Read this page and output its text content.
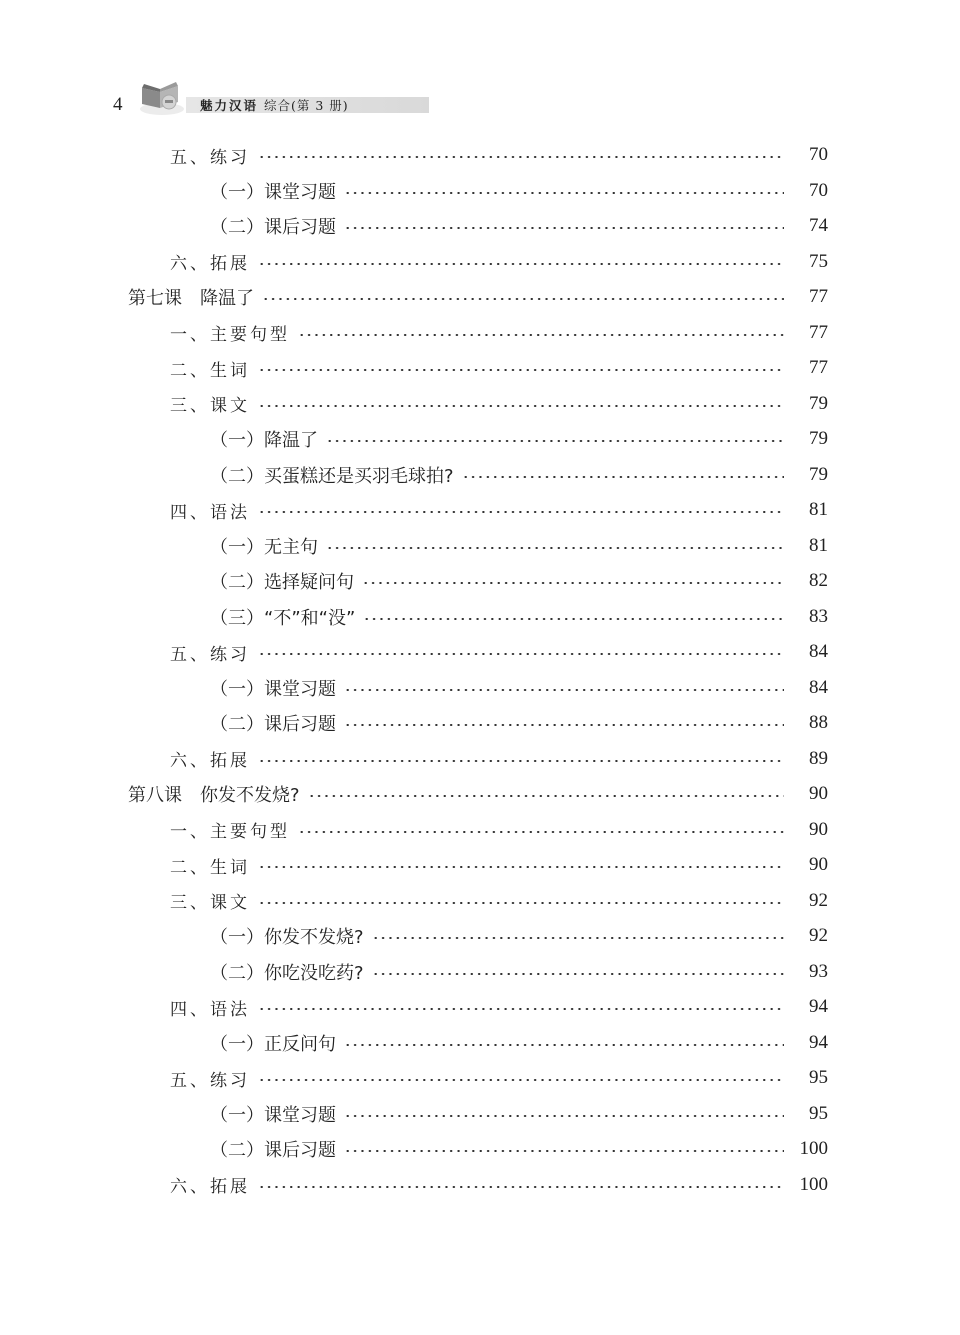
4	魅力汉语 综合(第 3 册)
五、练习	70
（一）课堂习题	70
（二）课后习题	74
六、拓展	75
第七课 降温了	77
一、主要句型	77
二、生词	77
三、课文	79
（一）降温了	79
（二）买蛋糕还是买羽毛球拍?	79
四、语法	81
（一）无主句	81
（二）选择疑问句	82
（三）“不”和“没”	83
五、练习	84
（一）课堂习题	84
（二）课后习题	88
六、拓展	89
第八课 你发不发烧?	90
一、主要句型	90
二、生词	90
三、课文	92
（一）你发不发烧?	92
（二）你吃没吃药?	93
四、语法	94
（一）正反问句	94
五、练习	95
（一）课堂习题	95
（二）课后习题	100
六、拓展	100
